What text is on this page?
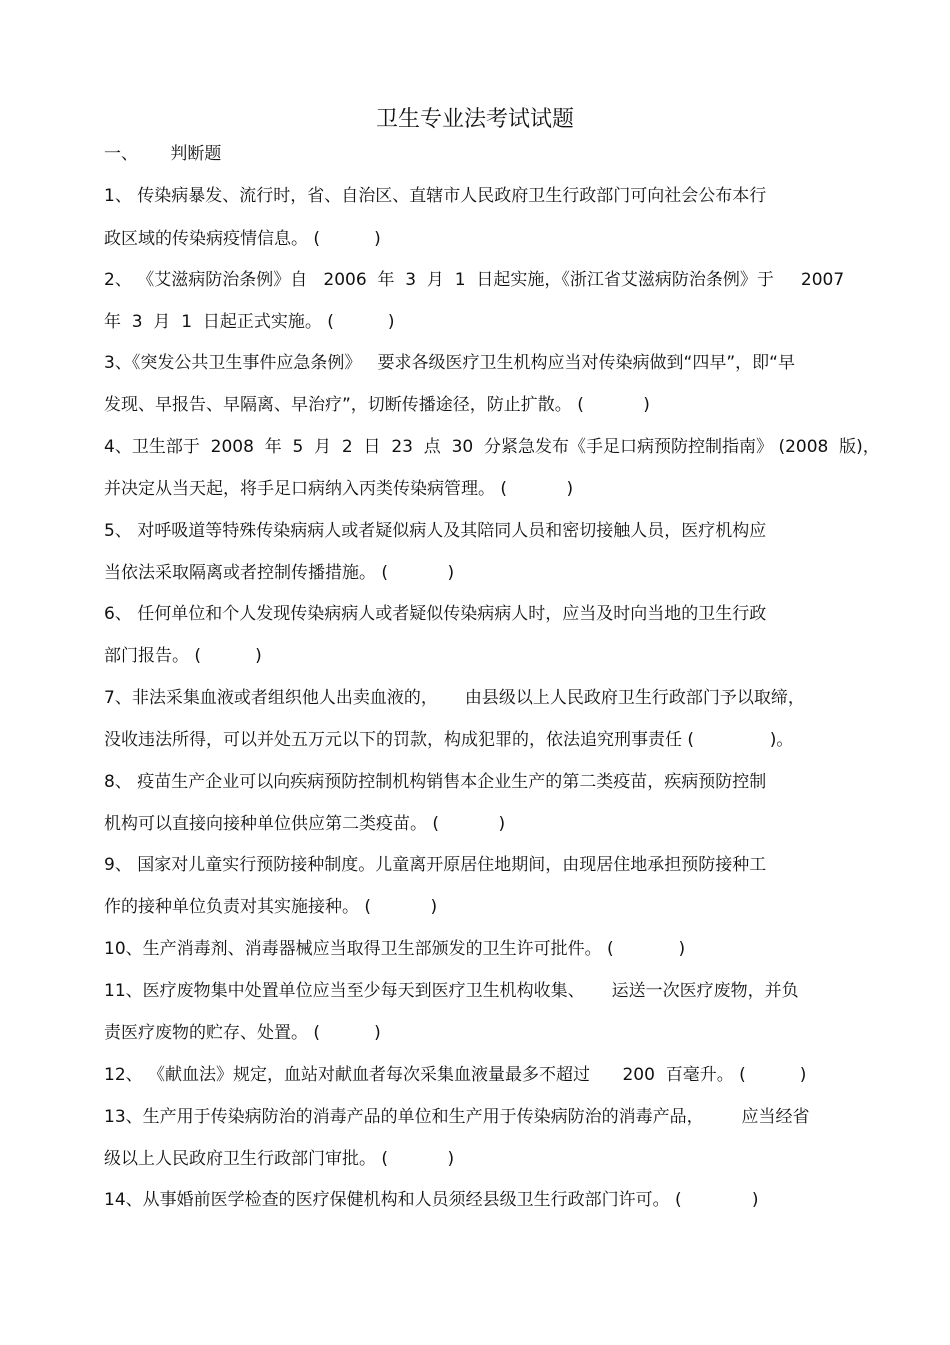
卫生专业法考试试题
一、      判断题
1、 传染病暴发、流行时，省、自治区、直辖市人民政府卫生行政部门可向社会公布本行
政区域的传染病疫情信息。 (          )
2、 《艾滋病防治条例》自   2006  年  3  月  1  日起实施，《浙江省艾滋病防治条例》于     2007
年  3  月  1  日起正式实施。 (          )
3、《突发公共卫生事件应急条例》   要求各级医疗卫生机构应当对传染病做到“四早”，即“早
发现、早报告、早隔离、早治疗”，切断传播途径，防止扩散。 (           )
4、卫生部于  2008  年  5  月  2  日  23  点  30  分紧急发布《手足口病预防控制指南》 (2008  版)，
并决定从当天起，将手足口病纳入丙类传染病管理。 (           )
5、 对呼吸道等特殊传染病病人或者疑似病人及其陪同人员和密切接触人员，医疗机构应
当依法采取隔离或者控制传播措施。 (           )
6、 任何单位和个人发现传染病病人或者疑似传染病病人时，应当及时向当地的卫生行政
部门报告。 (          )
7、非法采集血液或者组织他人出卖血液的，     由县级以上人民政府卫生行政部门予以取缔，
没收违法所得，可以并处五万元以下的罚款，构成犯罪的，依法追究刑事责任 (              )。
8、 疫苗生产企业可以向疾病预防控制机构销售本企业生产的第二类疫苗，疾病预防控制
机构可以直接向接种单位供应第二类疫苗。 (           )
9、 国家对儿童实行预防接种制度。儿童离开原居住地期间，由现居住地承担预防接种工
作的接种单位负责对其实施接种。 (           )
10、生产消毒剂、消毒器械应当取得卫生部颁发的卫生许可批件。 (            )
11、医疗废物集中处置单位应当至少每天到医疗卫生机构收集、     运送一次医疗废物，并负
责医疗废物的贮存、处置。 (          )
12、 《献血法》规定，血站对献血者每次采集血液量最多不超过      200  百毫升。 (          )
13、生产用于传染病防治的消毒产品的单位和生产用于传染病防治的消毒产品，       应当经省
级以上人民政府卫生行政部门审批。 (           )
14、从事婚前医学检查的医疗保健机构和人员须经县级卫生行政部门许可。 (             )
